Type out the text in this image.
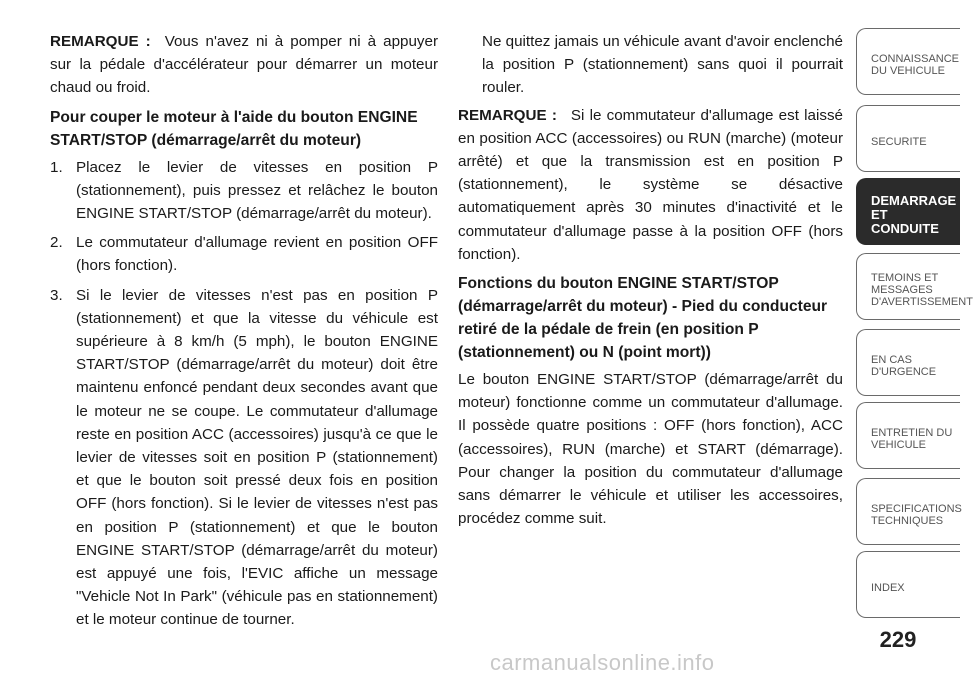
REMARQUE : Vous n'avez ni à pomper ni à appuyer sur la pédale d'accélérateur pour démarrer un moteur chaud ou froid.

Pour couper le moteur à l'aide du bouton ENGINE START/STOP (démarrage/arrêt du moteur)
1. Placez le levier de vitesses en position P (stationnement), puis pressez et relâchez le bouton ENGINE START/STOP (démarrage/arrêt du moteur).
2. Le commutateur d'allumage revient en position OFF (hors fonction).
3. Si le levier de vitesses n'est pas en position P (stationnement) et que la vitesse du véhicule est supérieure à 8 km/h (5 mph), le bouton ENGINE START/STOP (démarrage/arrêt du moteur) doit être maintenu enfoncé pendant deux secondes avant que le moteur ne se coupe. Le commutateur d'allumage reste en position ACC (accessoires) jusqu'à ce que le levier de vitesses soit en position P (stationnement) et que le bouton soit pressé deux fois en position OFF (hors fonction). Si le levier de vitesses n'est pas en position P (stationnement) et que le bouton ENGINE START/STOP (démarrage/arrêt du moteur) est appuyé une fois, l'EVIC affiche un message "Vehicle Not In Park" (véhicule pas en stationnement) et le moteur continue de tourner.

Ne quittez jamais un véhicule avant d'avoir enclenché la position P (stationnement) sans quoi il pourrait rouler.

REMARQUE : Si le commutateur d'allumage est laissé en position ACC (accessoires) ou RUN (marche) (moteur arrêté) et que la transmission est en position P (stationnement), le système se désactive automatiquement après 30 minutes d'inactivité et le commutateur d'allumage passe à la position OFF (hors fonction).

Fonctions du bouton ENGINE START/STOP (démarrage/arrêt du moteur) - Pied du conducteur retiré de la pédale de frein (en position P (stationnement) ou N (point mort))

Le bouton ENGINE START/STOP (démarrage/arrêt du moteur) fonctionne comme un commutateur d'allumage. Il possède quatre positions : OFF (hors fonction), ACC (accessoires), RUN (marche) et START (démarrage). Pour changer la position du commutateur d'allumage sans démarrer le véhicule et utiliser les accessoires, procédez comme suit.

CONNAISSANCE DU VEHICULE
SECURITE
DEMARRAGE ET CONDUITE
TEMOINS ET MESSAGES D'AVERTISSEMENT
EN CAS D'URGENCE
ENTRETIEN DU VEHICULE
SPECIFICATIONS TECHNIQUES
INDEX
229
carmanualsonline.info
